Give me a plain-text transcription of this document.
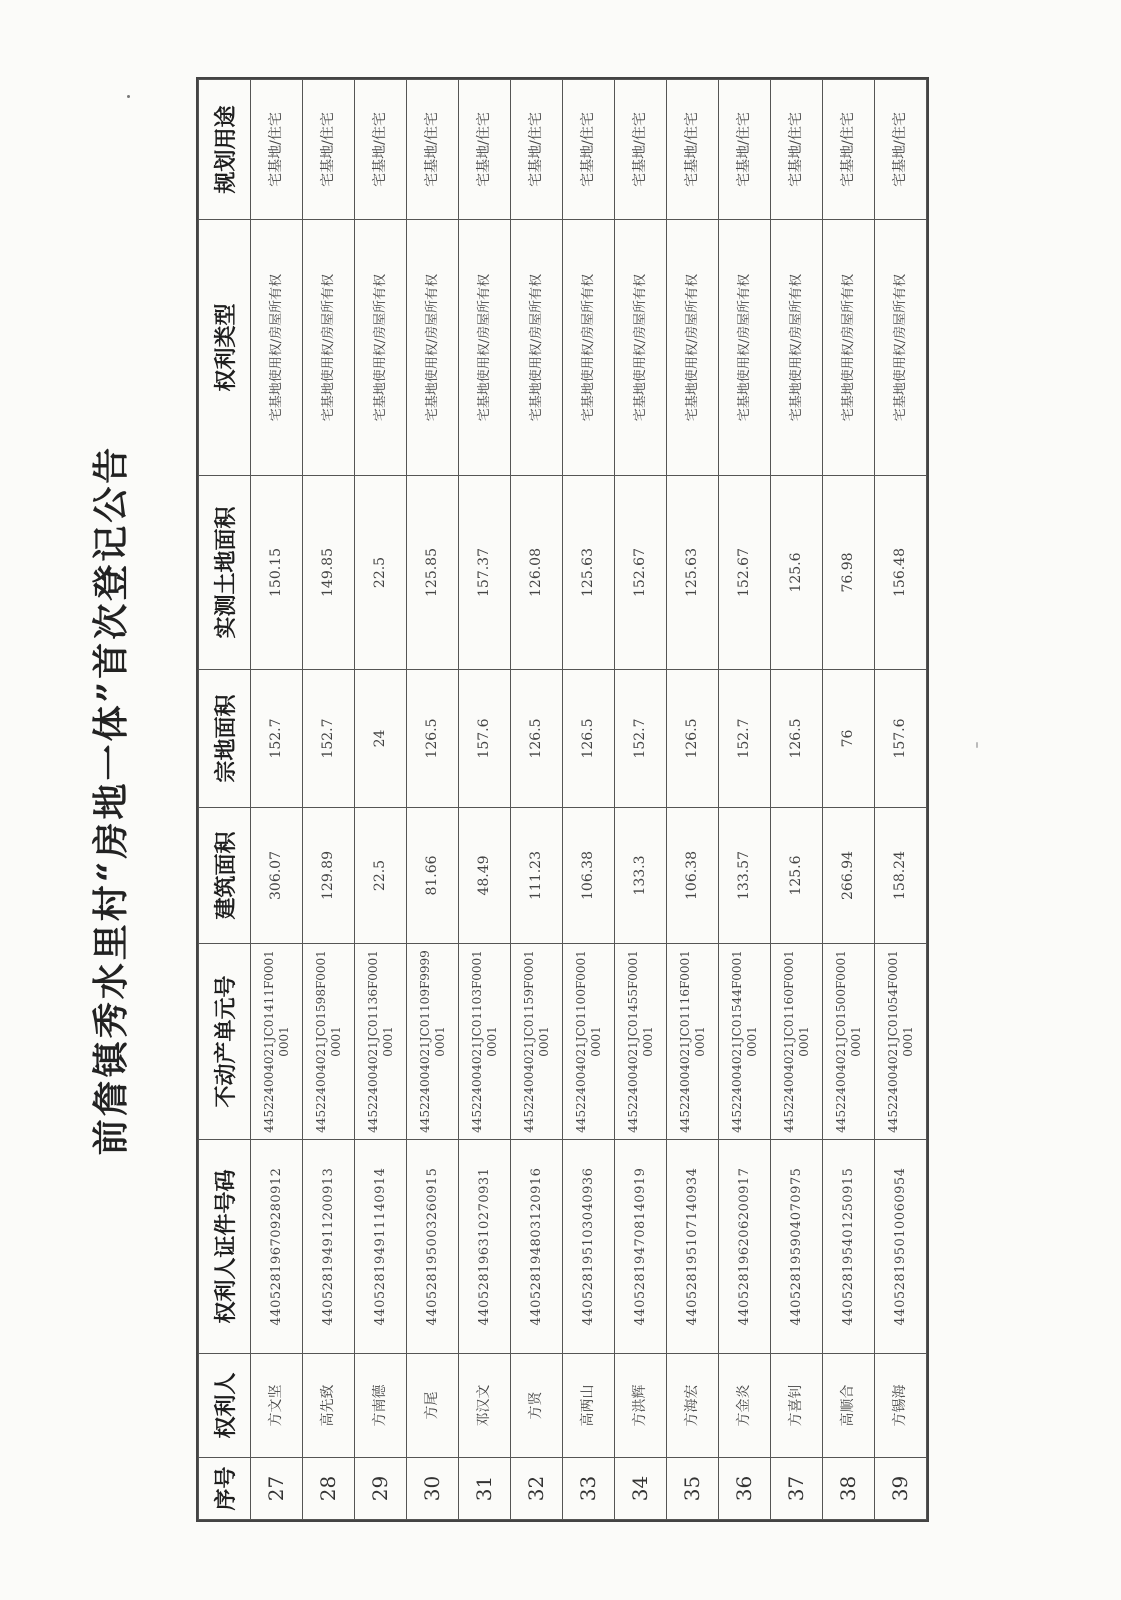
前詹镇秀水里村“房地一体”首次登记公告
序号	权利人	权利人证件号码	不动产单元号	建筑面积	宗地面积	实测土地面积	权利类型	规划用途
27	方文坚	440528196709280912	445224004021JC01411F00010001	306.07	152.7	150.15	宅基地使用权/房屋所有权	宅基地/住宅
28	高先致	440528194911200913	445224004021JC01598F00010001	129.89	152.7	149.85	宅基地使用权/房屋所有权	宅基地/住宅
29	方南德	440528194911140914	445224004021JC01136F00010001	22.5	24	22.5	宅基地使用权/房屋所有权	宅基地/住宅
30	方尾	440528195003260915	445224004021JC01109F99990001	81.66	126.5	125.85	宅基地使用权/房屋所有权	宅基地/住宅
31	邓汉文	440528196310270931	445224004021JC01103F00010001	48.49	157.6	157.37	宅基地使用权/房屋所有权	宅基地/住宅
32	方贤	440528194803120916	445224004021JC01159F00010001	111.23	126.5	126.08	宅基地使用权/房屋所有权	宅基地/住宅
33	高两山	440528195103040936	445224004021JC01100F00010001	106.38	126.5	125.63	宅基地使用权/房屋所有权	宅基地/住宅
34	方洪辉	440528194708140919	445224004021JC01455F00010001	133.3	152.7	152.67	宅基地使用权/房屋所有权	宅基地/住宅
35	方海宏	440528195107140934	445224004021JC01116F00010001	106.38	126.5	125.63	宅基地使用权/房屋所有权	宅基地/住宅
36	方金炎	440528196206200917	445224004021JC01544F00010001	133.57	152.7	152.67	宅基地使用权/房屋所有权	宅基地/住宅
37	方喜钊	440528195904070975	445224004021JC01160F00010001	125.6	126.5	125.6	宅基地使用权/房屋所有权	宅基地/住宅
38	高顺合	440528195401250915	445224004021JC01500F00010001	266.94	76	76.98	宅基地使用权/房屋所有权	宅基地/住宅
39	方锡海	440528195010060954	445224004021JC01054F00010001	158.24	157.6	156.48	宅基地使用权/房屋所有权	宅基地/住宅
